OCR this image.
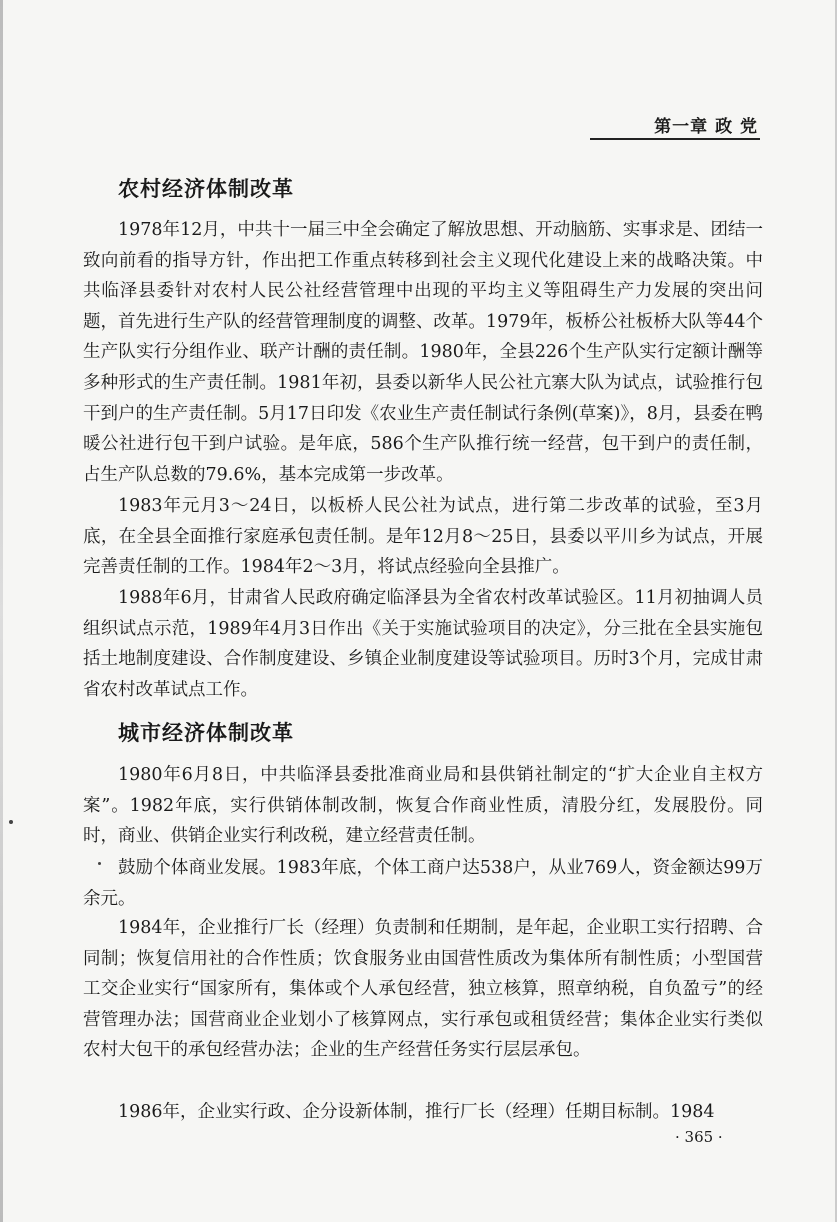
第一章 政 党
农村经济体制改革

1978年12月，中共十一届三中全会确定了解放思想、开动脑筋、实事求是、团结一致向前看的指导方针，作出把工作重点转移到社会主义现代化建设上来的战略决策。中共临泽县委针对农村人民公社经营管理中出现的平均主义等阻碍生产力发展的突出问题，首先进行生产队的经营管理制度的调整、改革。1979年，板桥公社板桥大队等44个生产队实行分组作业、联产计酬的责任制。1980年，全县226个生产队实行定额计酬等多种形式的生产责任制。1981年初，县委以新华人民公社亢寨大队为试点，试验推行包干到户的生产责任制。5月17日印发《农业生产责任制试行条例(草案)》，8月，县委在鸭暖公社进行包干到户试验。是年底，586个生产队推行统一经营，包干到户的责任制，占生产队总数的79.6%，基本完成第一步改革。

1983年元月3～24日，以板桥人民公社为试点，进行第二步改革的试验，至3月底，在全县全面推行家庭承包责任制。是年12月8～25日，县委以平川乡为试点，开展完善责任制的工作。1984年2～3月，将试点经验向全县推广。

1988年6月，甘肃省人民政府确定临泽县为全省农村改革试验区。11月初抽调人员组织试点示范，1989年4月3日作出《关于实施试验项目的决定》，分三批在全县实施包括土地制度建设、合作制度建设、乡镇企业制度建设等试验项目。历时3个月，完成甘肃省农村改革试点工作。

城市经济体制改革

1980年6月8日，中共临泽县委批准商业局和县供销社制定的“扩大企业自主权方案”。1982年底，实行供销体制改制，恢复合作商业性质，清股分红，发展股份。同时，商业、供销企业实行利改税，建立经营责任制。

鼓励个体商业发展。1983年底，个体工商户达538户，从业769人，资金额达99万余元。

1984年，企业推行厂长（经理）负责制和任期制，是年起，企业职工实行招聘、合同制；恢复信用社的合作性质；饮食服务业由国营性质改为集体所有制性质；小型国营工交企业实行“国家所有，集体或个人承包经营，独立核算，照章纳税，自负盈亏”的经营管理办法；国营商业企业划小了核算网点，实行承包或租赁经营；集体企业实行类似农村大包干的承包经营办法；企业的生产经营任务实行层层承包。

1986年，企业实行政、企分设新体制，推行厂长（经理）任期目标制。1984

· 365 ·
